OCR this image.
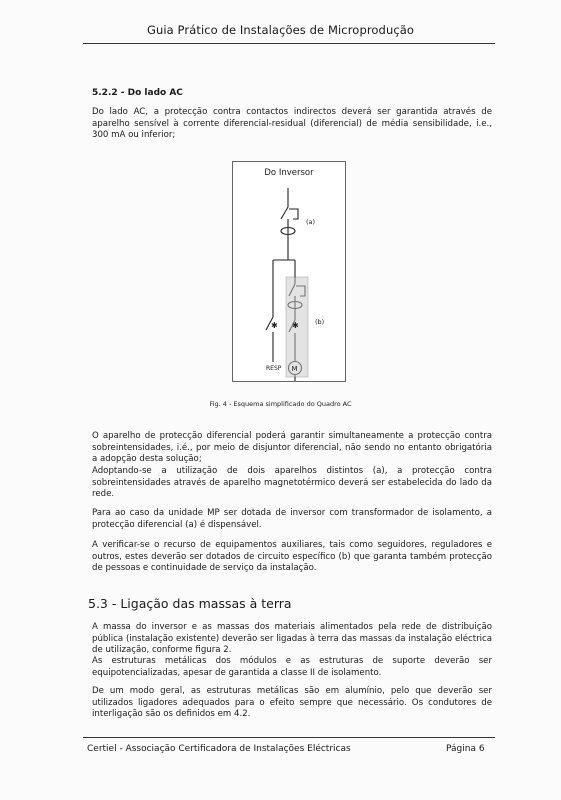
Guia Prático de Instalações de Microprodução
5.2.2 - Do lado AC

Do lado AC, a protecção contra contactos indirectos deverá ser garantida através de aparelho sensível à corrente diferencial-residual (diferencial) de média sensibilidade, i.e., 300 mA ou inferior;

Do Inversor
✱ ✱
(a)
(b)
RESP M
Fig. 4 - Esquema simplificado do Quadro AC

O aparelho de protecção diferencial poderá garantir simultaneamente a protecção contra sobreintensidades, i.é., por meio de disjuntor diferencial, não sendo no entanto obrigatória a adopção desta solução;

Adoptando-se a utilização de dois aparelhos distintos (a), a protecção contra sobreintensidades através de aparelho magnetotérmico deverá ser estabelecida do lado da rede.

Para ao caso da unidade MP ser dotada de inversor com transformador de isolamento, a protecção diferencial (a) é dispensável.

A verificar-se o recurso de equipamentos auxiliares, tais como seguidores, reguladores e outros, estes deverão ser dotados de circuito específico (b) que garanta também protecção de pessoas e continuidade de serviço da instalação.

5.3 - Ligação das massas à terra

A massa do inversor e as massas dos materiais alimentados pela rede de distribuição pública (instalação existente) deverão ser ligadas à terra das massas da instalação eléctrica de utilização, conforme figura 2.

As estruturas metálicas dos módulos e as estruturas de suporte deverão ser equipotencializadas, apesar de garantida a classe II de isolamento.

De um modo geral, as estruturas metálicas são em alumínio, pelo que deverão ser utilizados ligadores adequados para o efeito sempre que necessário. Os condutores de interligação são os definidos em 4.2.

Certiel - Associação Certificadora de Instalações Eléctricas	Página 6
